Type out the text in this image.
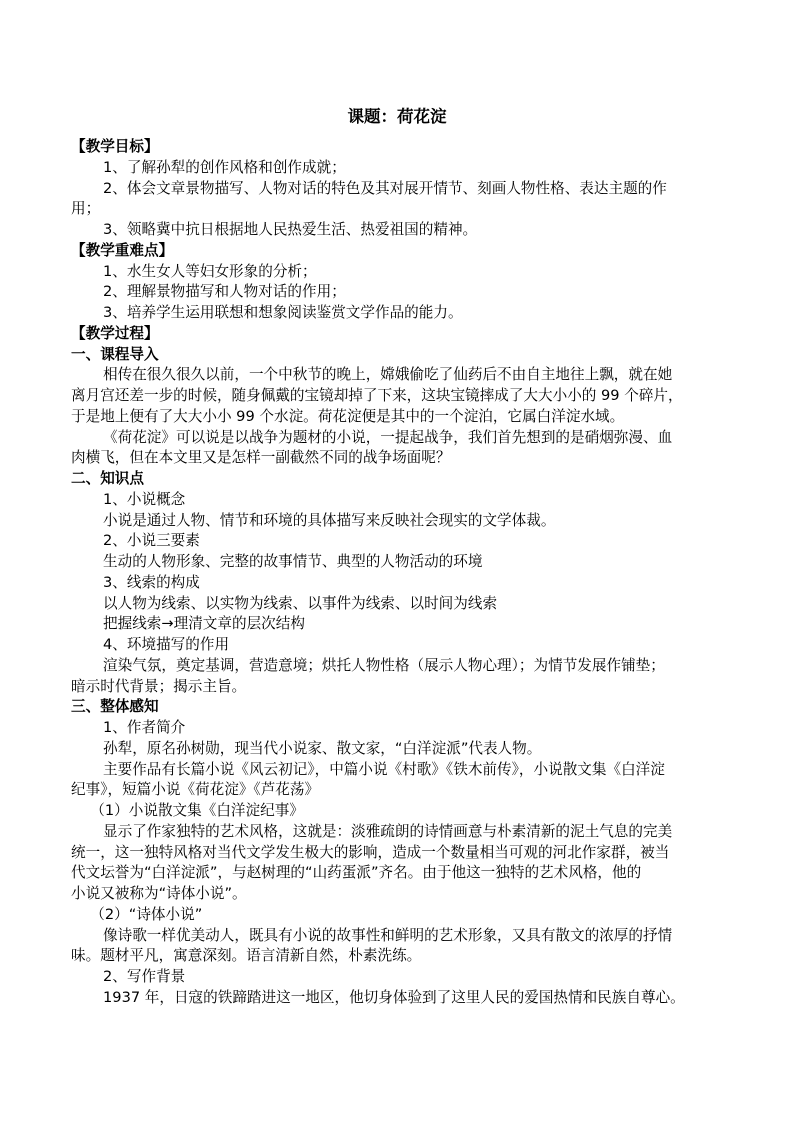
课题：荷花淀
【教学目标】
1、了解孙犁的创作风格和创作成就；
2、体会文章景物描写、人物对话的特色及其对展开情节、刻画人物性格、表达主题的作
用；
3、领略冀中抗日根据地人民热爱生活、热爱祖国的精神。
【教学重难点】
1、水生女人等妇女形象的分析；
2、理解景物描写和人物对话的作用；
3、培养学生运用联想和想象阅读鉴赏文学作品的能力。
【教学过程】
一、课程导入
相传在很久很久以前，一个中秋节的晚上，嫦娥偷吃了仙药后不由自主地往上飘，就在她
离月宫还差一步的时候，随身佩戴的宝镜却掉了下来，这块宝镜摔成了大大小小的 99 个碎片，
于是地上便有了大大小小 99 个水淀。荷花淀便是其中的一个淀泊，它属白洋淀水域。
《荷花淀》可以说是以战争为题材的小说，一提起战争，我们首先想到的是硝烟弥漫、血
肉横飞，但在本文里又是怎样一副截然不同的战争场面呢？
二、知识点
1、小说概念
小说是通过人物、情节和环境的具体描写来反映社会现实的文学体裁。
2、小说三要素
生动的人物形象、完整的故事情节、典型的人物活动的环境
3、线索的构成
以人物为线索、以实物为线索、以事件为线索、以时间为线索
把握线索→理清文章的层次结构
4、环境描写的作用
渲染气氛，奠定基调，营造意境；烘托人物性格（展示人物心理）；为情节发展作铺垫；
暗示时代背景；揭示主旨。
三、整体感知
1、作者简介
孙犁，原名孙树勋，现当代小说家、散文家，“白洋淀派”代表人物。
主要作品有长篇小说《风云初记》，中篇小说《村歌》《铁木前传》，小说散文集《白洋淀
纪事》，短篇小说《荷花淀》《芦花荡》
　（1）小说散文集《白洋淀纪事》
显示了作家独特的艺术风格，这就是：淡雅疏朗的诗情画意与朴素清新的泥土气息的完美
统一，这一独特风格对当代文学发生极大的影响，造成一个数量相当可观的河北作家群，被当
代文坛誉为“白洋淀派”，与赵树理的“山药蛋派”齐名。由于他这一独特的艺术风格，他的
小说又被称为“诗体小说”。
　（2）“诗体小说”
像诗歌一样优美动人，既具有小说的故事性和鲜明的艺术形象，又具有散文的浓厚的抒情
味。题材平凡，寓意深刻。语言清新自然，朴素洗练。
2、写作背景
1937 年，日寇的铁蹄踏进这一地区，他切身体验到了这里人民的爱国热情和民族自尊心。
